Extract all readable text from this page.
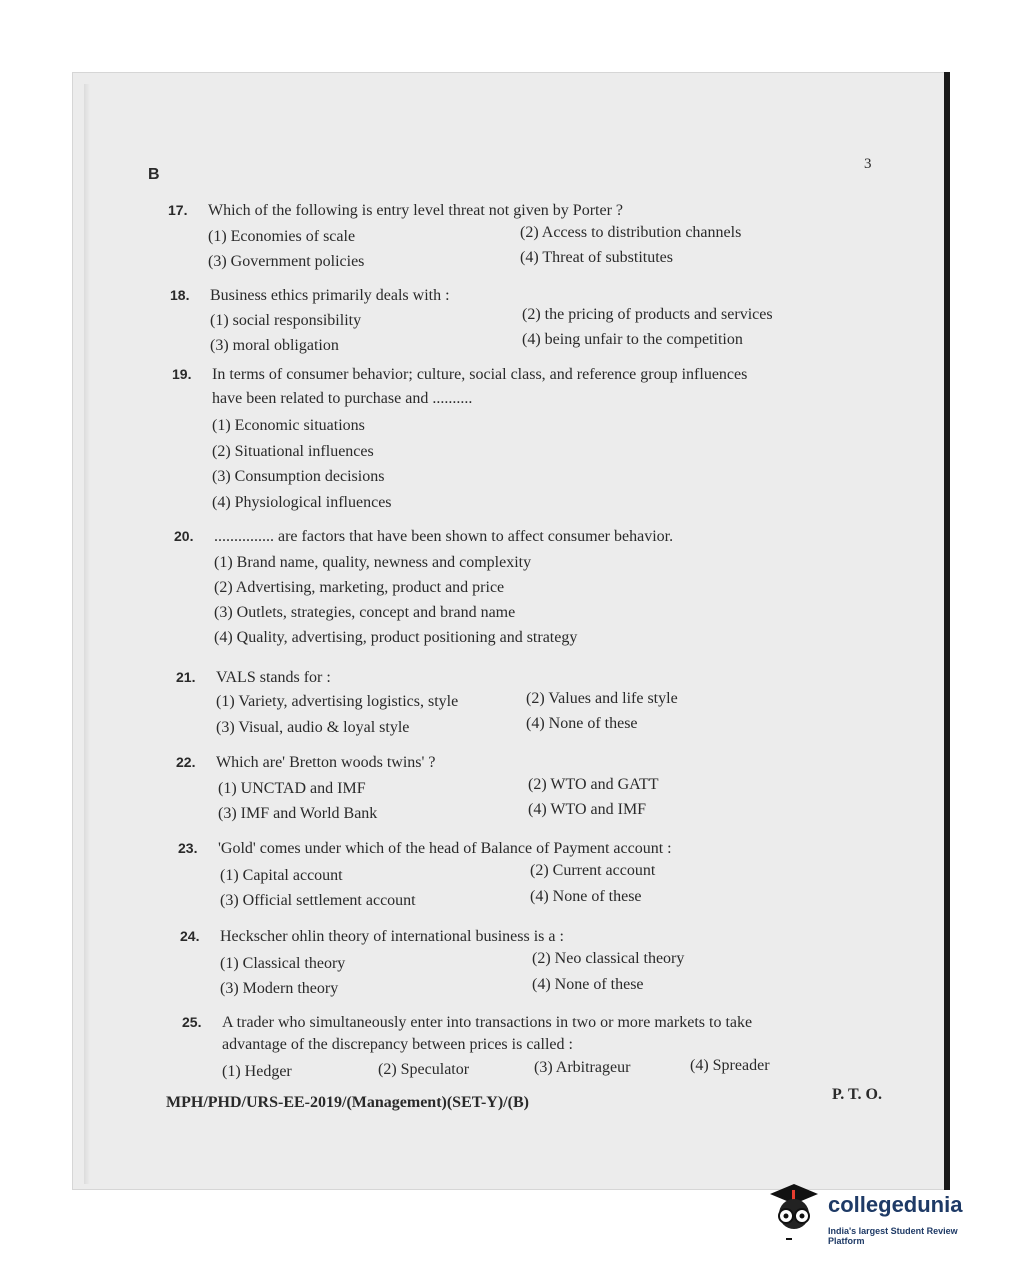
B
3
17. Which of the following is entry level threat not given by Porter ?
(1) Economies of scale	(2) Access to distribution channels
(3) Government policies	(4) Threat of substitutes
18. Business ethics primarily deals with :
(1) social responsibility	(2) the pricing of products and services
(3) moral obligation	(4) being unfair to the competition
19. In terms of consumer behavior; culture, social class, and reference group influences
have been related to purchase and ..........
(1) Economic situations
(2) Situational influences
(3) Consumption decisions
(4) Physiological influences
20. ............... are factors that have been shown to affect consumer behavior.
(1) Brand name, quality, newness and complexity
(2) Advertising, marketing, product and price
(3) Outlets, strategies, concept and brand name
(4) Quality, advertising, product positioning and strategy
21. VALS stands for :
(1) Variety, advertising logistics, style	(2) Values and life style
(3) Visual, audio & loyal style	(4) None of these
22. Which are' Bretton woods twins' ?
(1) UNCTAD and IMF	(2) WTO and GATT
(3) IMF and World Bank	(4) WTO and IMF
23. 'Gold' comes under which of the head of Balance of Payment account :
(1) Capital account	(2) Current account
(3) Official settlement account	(4) None of these
24. Heckscher ohlin theory of international business is a :
(1) Classical theory	(2) Neo classical theory
(3) Modern theory	(4) None of these
25. A trader who simultaneously enter into transactions in two or more markets to take
advantage of the discrepancy between prices is called :
(1) Hedger	(2) Speculator	(3) Arbitrageur	(4) Spreader
MPH/PHD/URS-EE-2019/(Management)(SET-Y)/(B)	P. T. O.
collegedunia
India's largest Student Review Platform
